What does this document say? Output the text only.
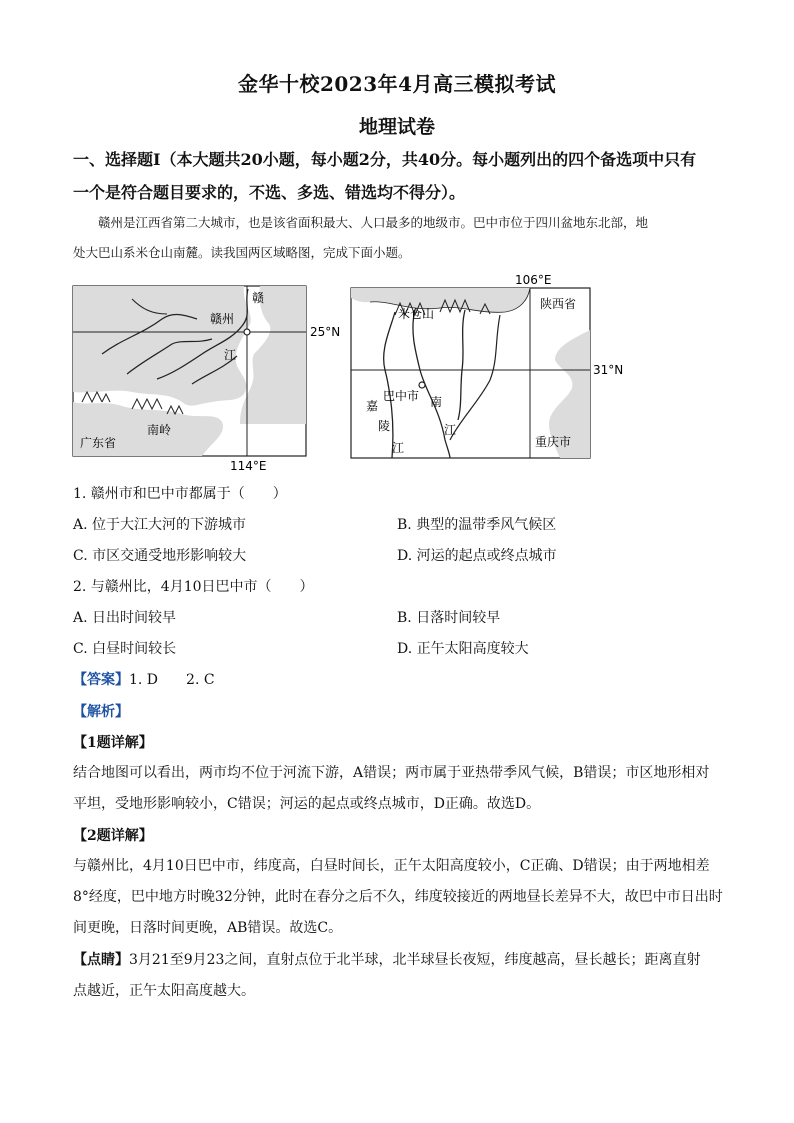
金华十校2023年4月高三模拟考试
地理试卷
一、选择题Ⅰ（本大题共20小题，每小题2分，共40分。每小题列出的四个备选项中只有
一个是符合题目要求的，不选、多选、错选均不得分）。
赣州是江西省第二大城市，也是该省面积最大、人口最多的地级市。巴中市位于四川盆地东北部，地
处大巴山系米仓山南麓。读我国两区域略图，完成下面小题。
赣
赣州
江
南岭
广东省
25°N
114°E
106°E
米仓山
陕西省
巴中市
嘉
陵
江
南
江
重庆市
31°N
1. 赣州市和巴中市都属于（　　）
A. 位于大江大河的下游城市	B. 典型的温带季风气候区
C. 市区交通受地形影响较大	D. 河运的起点或终点城市
2. 与赣州比，4月10日巴中市（　　）
A. 日出时间较早	B. 日落时间较早
C. 白昼时间较长	D. 正午太阳高度较大
【答案】1. D　　2. C
【解析】
【1题详解】
结合地图可以看出，两市均不位于河流下游，A错误；两市属于亚热带季风气候，B错误；市区地形相对
平坦，受地形影响较小，C错误；河运的起点或终点城市，D正确。故选D。
【2题详解】
与赣州比，4月10日巴中市，纬度高，白昼时间长，正午太阳高度较小，C正确、D错误；由于两地相差
8°经度，巴中地方时晚32分钟，此时在春分之后不久，纬度较接近的两地昼长差异不大，故巴中市日出时
间更晚，日落时间更晚，AB错误。故选C。
【点睛】3月21至9月23之间，直射点位于北半球，北半球昼长夜短，纬度越高，昼长越长；距离直射
点越近，正午太阳高度越大。
